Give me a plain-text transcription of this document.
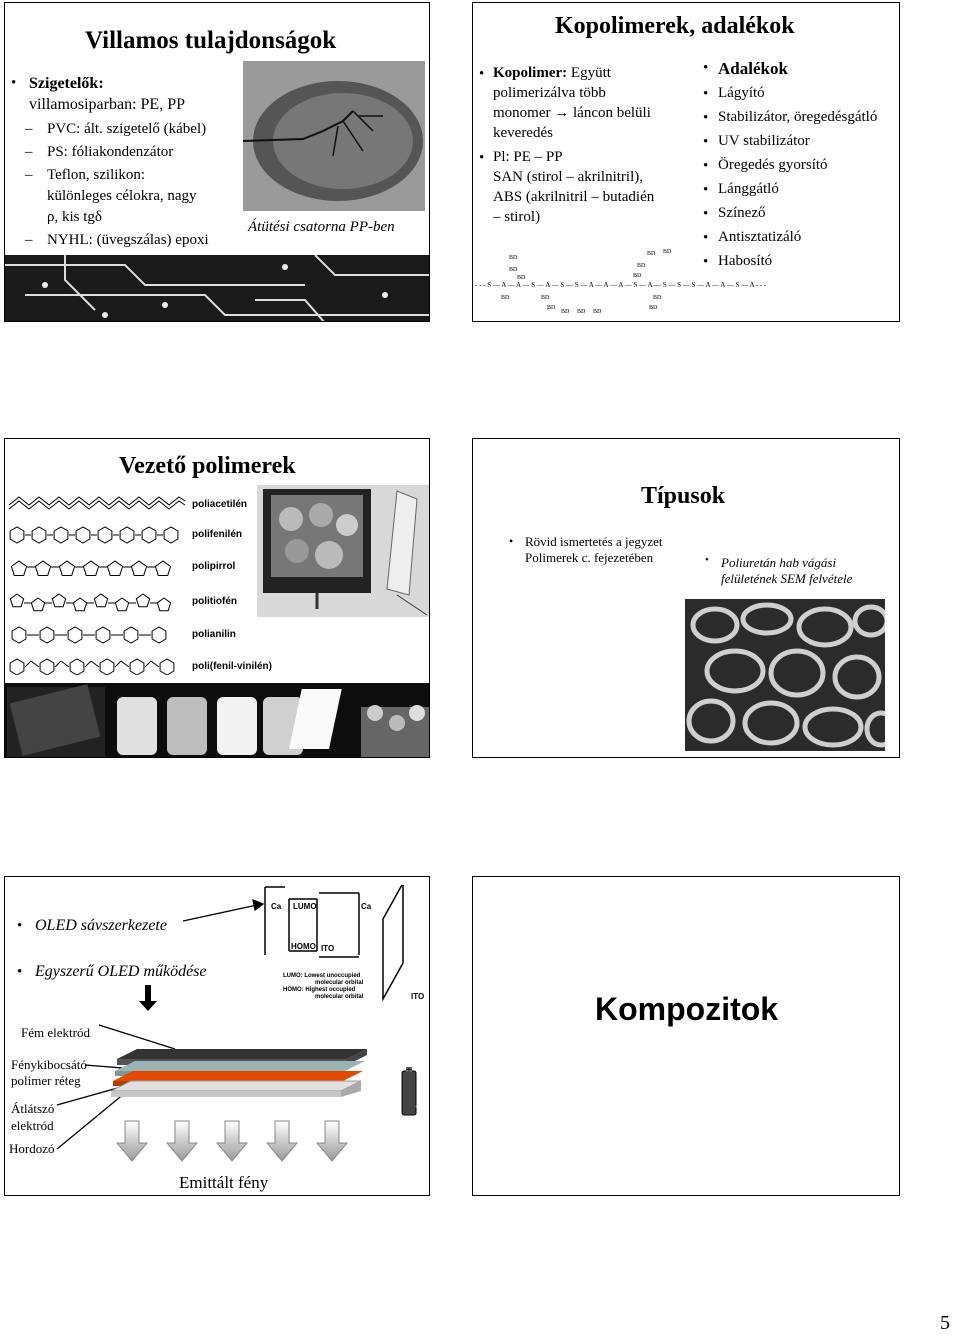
Villamos tulajdonságok
Átütési csatorna PP-ben
• Szigetelők:
villamosiparban: PE, PP
– PVC: ált. szigetelő (kábel)
– PS: fóliakondenzátor
– Teflon, szilikon:
különleges célokra, nagy
ρ, kis tgδ
– NYHL: (üvegszálas) epoxi
Kopolimerek, adalékok
• Kopolimer: Együtt
polimerizálva több
monomer → láncon belüli
keveredés
• Pl: PE – PP
SAN (stirol – akrilnitril),
ABS (akrilnitril – butadién
– stirol)
• Adalékok
• Lágyító
• Stabilizátor, öregedésgátló
• UV stabilizátor
• Öregedés gyorsító
• Lánggátló
• Színező
• Antisztatizáló
• Habosító
- - - S — A — A — S — A — S — S — A — A — A — S — A — S — S — S — A — A — S — A - - -
BD
BD
BD
BD	BD
BD
BD BD BD
BD BD
BD
BD
BD
BD
Vezető polimerek
poliacetilén
polifenilén
polipirrol
politiofén
polianilin
poli(fenil-vinilén)
Típusok
• Rövid ismertetés a jegyzet
Polimerek c. fejezetében	• Poliuretán hab vágási
felületének SEM felvétele
• OLED sávszerkezete
• Egyszerű OLED működése
Ca LUMO	Ca
HOMO ITO
ITO
LUMO: Lowest unoccupied
molecular orbital
HOMO: Highest occupied
molecular orbital
+
-
Fém elektród
Fénykibocsátó
polimer réteg
Átlátszó
elektród
Hordozó
Emittált fény
Kompozitok
5
